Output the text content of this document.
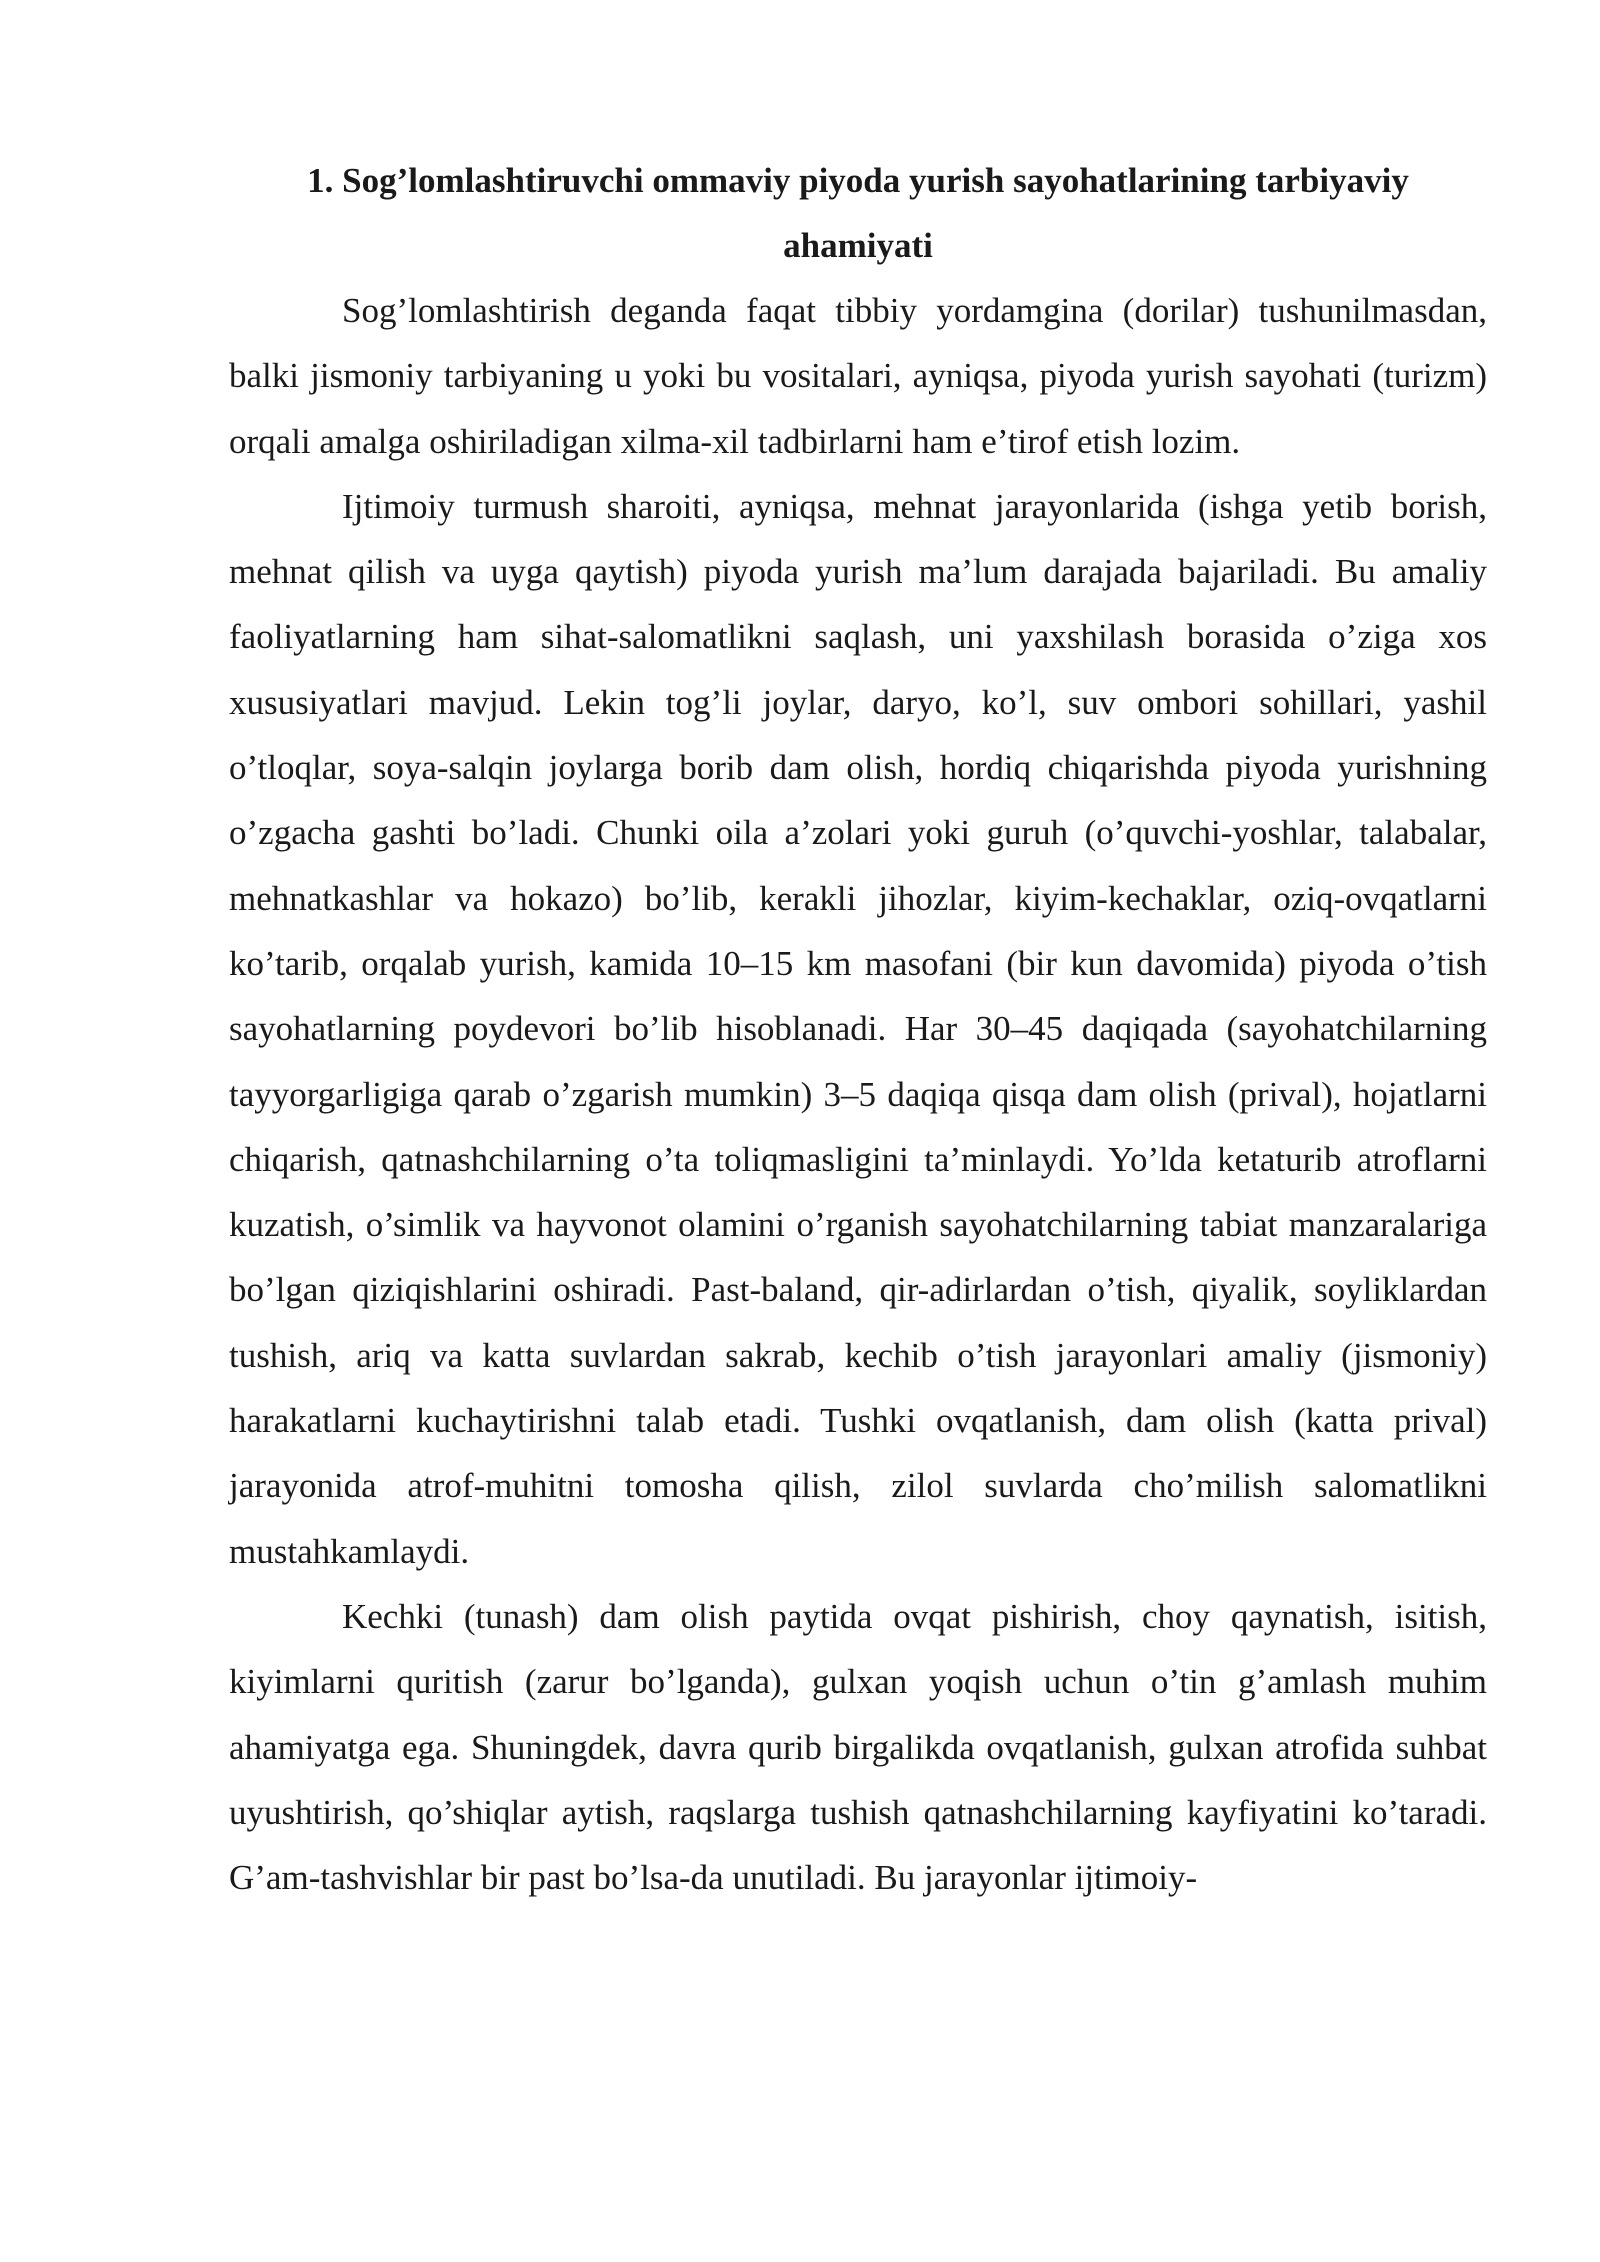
1. Sog’lomlashtiruvchi ommaviy piyoda yurish sayohatlarining tarbiyaviy ahamiyati

Sog’lomlashtirish deganda faqat tibbiy yordamgina (dorilar) tushunilmasdan, balki jismoniy tarbiyaning u yoki bu vositalari, ayniqsa, piyoda yurish sayohati (turizm) orqali amalga oshiriladigan xilma-xil tadbirlarni ham e’tirof etish lozim.

Ijtimoiy turmush sharoiti, ayniqsa, mehnat jarayonlarida (ishga yetib borish, mehnat qilish va uyga qaytish) piyoda yurish ma’lum darajada bajariladi. Bu amaliy faoliyatlarning ham sihat-salomatlikni saqlash, uni yaxshilash borasida o’ziga xos xususiyatlari mavjud. Lekin tog’li joylar, daryo, ko’l, suv ombori sohillari, yashil o’tloqlar, soya-salqin joylarga borib dam olish, hordiq chiqarishda piyoda yurishning o’zgacha gashti bo’ladi. Chunki oila a’zolari yoki guruh (o’quvchi-yoshlar, talabalar, mehnatkashlar va hokazo) bo’lib, kerakli jihozlar, kiyim-kechaklar, oziq-ovqatlarni ko’tarib, orqalab yurish, kamida 10–15 km masofani (bir kun davomida) piyoda o’tish sayohatlarning poydevori bo’lib hisoblanadi. Har 30–45 daqiqada (sayohatchilarning tayyorgarligiga qarab o’zgarish mumkin) 3–5 daqiqa qisqa dam olish (prival), hojatlarni chiqarish, qatnashchilarning o’ta toliqmasligini ta’minlaydi. Yo’lda ketaturib atroflarni kuzatish, o’simlik va hayvonot olamini o’rganish sayohatchilarning tabiat manzaralariga bo’lgan qiziqishlarini oshiradi. Past-baland, qir-adirlardan o’tish, qiyalik, soyliklardan tushish, ariq va katta suvlardan sakrab, kechib o’tish jarayonlari amaliy (jismoniy) harakatlarni kuchaytirishni talab etadi. Tushki ovqatlanish, dam olish (katta prival) jarayonida atrof-muhitni tomosha qilish, zilol suvlarda cho’milish salomatlikni mustahkamlaydi.

Kechki (tunash) dam olish paytida ovqat pishirish, choy qaynatish, isitish, kiyimlarni quritish (zarur bo’lganda), gulxan yoqish uchun o’tin g’amlash muhim ahamiyatga ega. Shuningdek, davra qurib birgalikda ovqatlanish, gulxan atrofida suhbat uyushtirish, qo’shiqlar aytish, raqslarga tushish qatnashchilarning kayfiyatini ko’taradi. G’am-tashvishlar bir past bo’lsa-da unutiladi. Bu jarayonlar ijtimoiy-
